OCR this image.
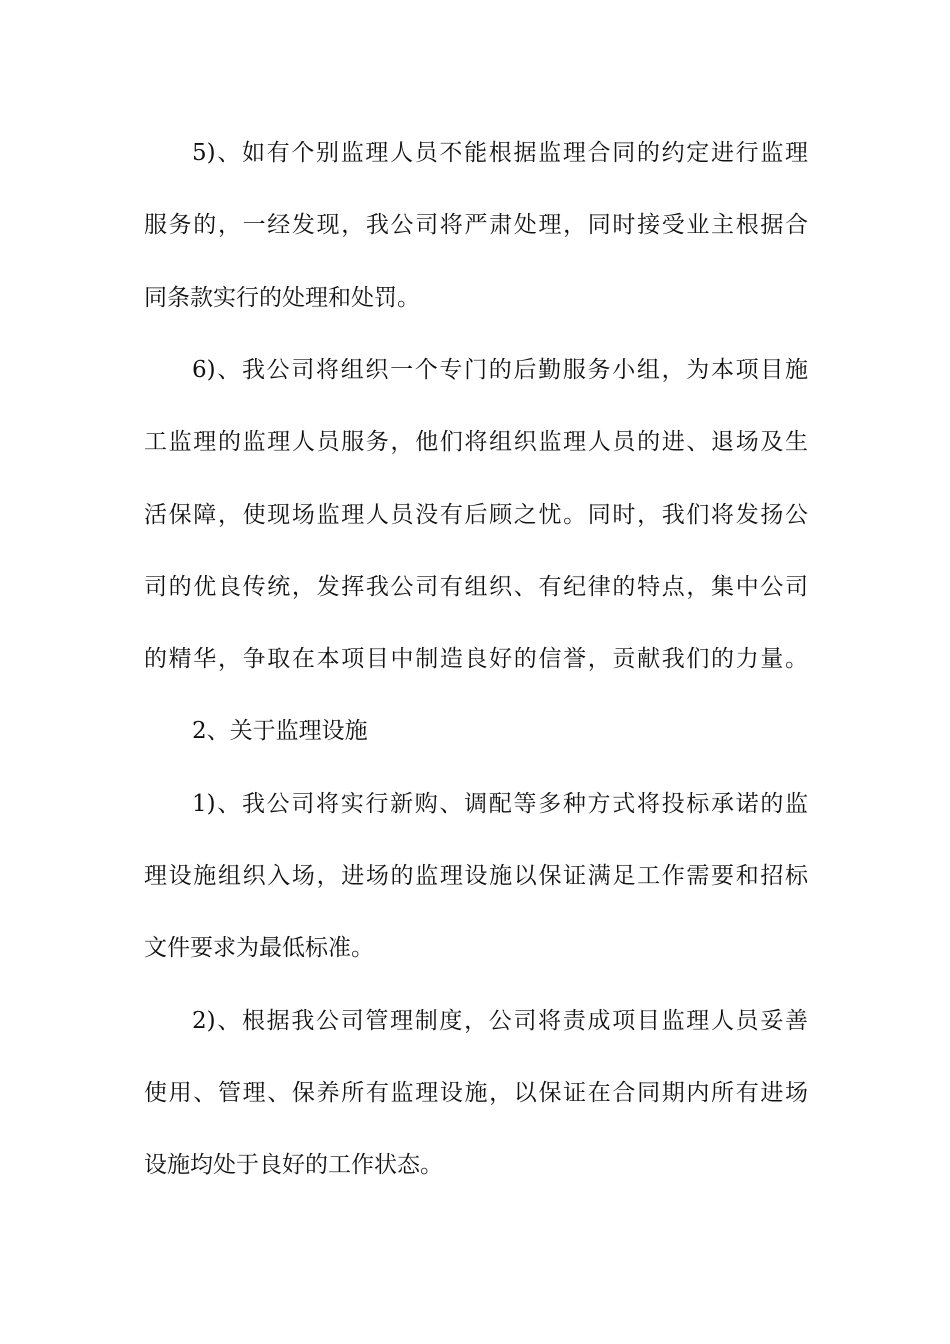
5)、如有个别监理人员不能根据监理合同的约定进行监理
服务的，一经发现，我公司将严肃处理，同时接受业主根据合
同条款实行的处理和处罚。
6)、我公司将组织一个专门的后勤服务小组，为本项目施
工监理的监理人员服务，他们将组织监理人员的进、退场及生
活保障，使现场监理人员没有后顾之忧。同时，我们将发扬公
司的优良传统，发挥我公司有组织、有纪律的特点，集中公司
的精华，争取在本项目中制造良好的信誉，贡献我们的力量。
2、关于监理设施
1)、我公司将实行新购、调配等多种方式将投标承诺的监
理设施组织入场，进场的监理设施以保证满足工作需要和招标
文件要求为最低标准。
2)、根据我公司管理制度，公司将责成项目监理人员妥善
使用、管理、保养所有监理设施，以保证在合同期内所有进场
设施均处于良好的工作状态。
